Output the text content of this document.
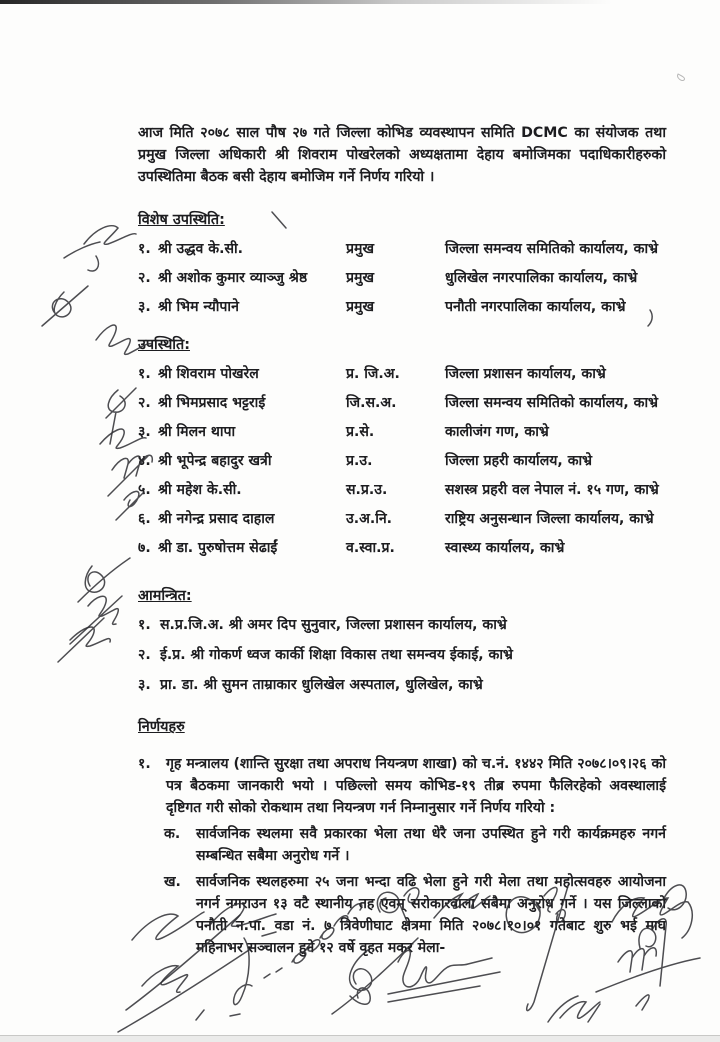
आज मिति २०७८ साल पौष २७ गते जिल्ला कोभिड व्यवस्थापन समिति DCMC का संयोजक तथा प्रमुख जिल्ला अधिकारी श्री शिवराम पोखरेलको अध्यक्षतामा देहाय बमोजिमका पदाधिकारीहरुको उपस्थितिमा बैठक बसी देहाय बमोजिम गर्ने निर्णय गरियो ।

विशेष उपस्थिति:
१. श्री उद्धव के.सी.	प्रमुख	जिल्ला समन्वय समितिको कार्यालय, काभ्रे
२. श्री अशोक कुमार व्याञ्जु श्रेष्ठ	प्रमुख	धुलिखेल नगरपालिका कार्यालय, काभ्रे
३. श्री भिम न्यौपाने	प्रमुख	पनौती नगरपालिका कार्यालय, काभ्रे
उपस्थिति:
१. श्री शिवराम पोखरेल	प्र. जि.अ.	जिल्ला प्रशासन कार्यालय, काभ्रे
२. श्री भिमप्रसाद भट्टराई	जि.स.अ.	जिल्ला समन्वय समितिको कार्यालय, काभ्रे
३. श्री मिलन थापा	प्र.से.	कालीजंग गण, काभ्रे
४. श्री भूपेन्द्र बहादुर खत्री	प्र.उ.	जिल्ला प्रहरी कार्यालय, काभ्रे
५. श्री महेश के.सी.	स.प्र.उ.	सशस्त्र प्रहरी वल नेपाल नं. १५ गण, काभ्रे
६. श्री नगेन्द्र प्रसाद दाहाल	उ.अ.नि.	राष्ट्रिय अनुसन्धान जिल्ला कार्यालय, काभ्रे
७. श्री डा. पुरुषोत्तम सेढाईं	व.स्वा.प्र.	स्वास्थ्य कार्यालय, काभ्रे
आमन्त्रित:
१. स.प्र.जि.अ. श्री अमर दिप सुनुवार, जिल्ला प्रशासन कार्यालय, काभ्रे
२. ई.प्र. श्री गोकर्ण ध्वज कार्की शिक्षा विकास तथा समन्वय ईकाई, काभ्रे
३. प्रा. डा. श्री सुमन ताम्राकार धुलिखेल अस्पताल, धुलिखेल, काभ्रे
निर्णयहरु
१.	गृह मन्त्रालय (शान्ति सुरक्षा तथा अपराध नियन्त्रण शाखा) को च.नं. १४४२ मिति २०७८।०९।२६ को पत्र बैठकमा जानकारी भयो । पछिल्लो समय कोभिड-१९ तीब्र रुपमा फैलिरहेको अवस्थालाई दृष्टिगत गरी सोको रोकथाम तथा नियन्त्रण गर्न निम्नानुसार गर्ने निर्णय गरियो :
क.	सार्वजनिक स्थलमा सवै प्रकारका भेला तथा धेरै जना उपस्थित हुने गरी कार्यक्रमहरु नगर्न सम्बन्धित सबैमा अनुरोध गर्ने ।
ख.	सार्वजनिक स्थलहरुमा २५ जना भन्दा वढि भेला हुने गरी मेला तथा महोत्सवहरु आयोजना नगर्न नगराउन १३ वटै स्थानीय तह एवम् सरोकारवाला सबैमा अनुरोध गर्ने । यस जिल्लाको पनौती न.पा. वडा नं. ७ त्रिवेणीघाट क्षेत्रमा मिति २०७८।१०।०१ गतेबाट शुरु भई माघ महिनाभर सञ्चालन हुने १२ वर्षे वृहत मकर मेला-
